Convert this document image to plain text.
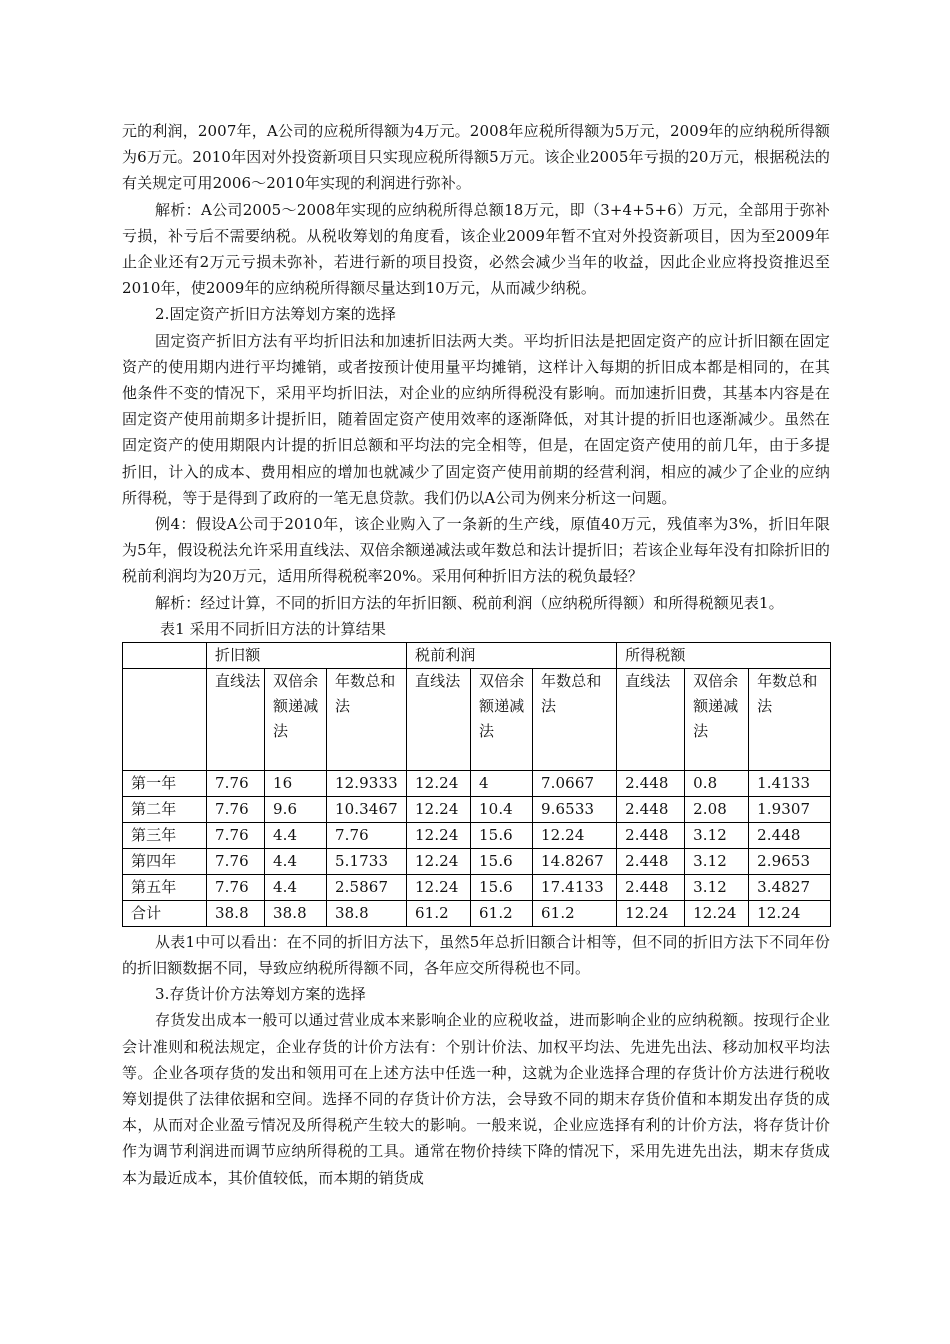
元的利润，2007年，A公司的应税所得额为4万元。2008年应税所得额为5万元，2009年的应纳税所得额为6万元。2010年因对外投资新项目只实现应税所得额5万元。该企业2005年亏损的20万元，根据税法的有关规定可用2006～2010年实现的利润进行弥补。

解析：A公司2005～2008年实现的应纳税所得总额18万元，即（3+4+5+6）万元，全部用于弥补亏损，补亏后不需要纳税。从税收筹划的角度看，该企业2009年暂不宜对外投资新项目，因为至2009年止企业还有2万元亏损未弥补，若进行新的项目投资，必然会减少当年的收益，因此企业应将投资推迟至2010年，使2009年的应纳税所得额尽量达到10万元，从而减少纳税。

2.固定资产折旧方法筹划方案的选择

固定资产折旧方法有平均折旧法和加速折旧法两大类。平均折旧法是把固定资产的应计折旧额在固定资产的使用期内进行平均摊销，或者按预计使用量平均摊销，这样计入每期的折旧成本都是相同的，在其他条件不变的情况下，采用平均折旧法，对企业的应纳所得税没有影响。而加速折旧费，其基本内容是在固定资产使用前期多计提折旧，随着固定资产使用效率的逐渐降低，对其计提的折旧也逐渐减少。虽然在固定资产的使用期限内计提的折旧总额和平均法的完全相等，但是，在固定资产使用的前几年，由于多提折旧，计入的成本、费用相应的增加也就减少了固定资产使用前期的经营利润，相应的减少了企业的应纳所得税，等于是得到了政府的一笔无息贷款。我们仍以A公司为例来分析这一问题。

例4：假设A公司于2010年，该企业购入了一条新的生产线，原值40万元，残值率为3%，折旧年限为5年，假设税法允许采用直线法、双倍余额递减法或年数总和法计提折旧；若该企业每年没有扣除折旧的税前利润均为20万元，适用所得税税率20%。采用何种折旧方法的税负最轻？

解析：经过计算，不同的折旧方法的年折旧额、税前利润（应纳税所得额）和所得税额见表1。

表1 采用不同折旧方法的计算结果

	折旧额			税前利润			所得税额		
	直线法	双倍余额递减法	年数总和法	直线法	双倍余额递减法	年数总和法	直线法	双倍余额递减法	年数总和法
第一年	7.76	16	12.9333	12.24	4	7.0667	2.448	0.8	1.4133
第二年	7.76	9.6	10.3467	12.24	10.4	9.6533	2.448	2.08	1.9307
第三年	7.76	4.4	7.76	12.24	15.6	12.24	2.448	3.12	2.448
第四年	7.76	4.4	5.1733	12.24	15.6	14.8267	2.448	3.12	2.9653
第五年	7.76	4.4	2.5867	12.24	15.6	17.4133	2.448	3.12	3.4827
合计	38.8	38.8	38.8	61.2	61.2	61.2	12.24	12.24	12.24

从表1中可以看出：在不同的折旧方法下，虽然5年总折旧额合计相等，但不同的折旧方法下不同年份的折旧额数据不同，导致应纳税所得额不同，各年应交所得税也不同。

3.存货计价方法筹划方案的选择

存货发出成本一般可以通过营业成本来影响企业的应税收益，进而影响企业的应纳税额。按现行企业会计准则和税法规定，企业存货的计价方法有：个别计价法、加权平均法、先进先出法、移动加权平均法等。企业各项存货的发出和领用可在上述方法中任选一种，这就为企业选择合理的存货计价方法进行税收筹划提供了法律依据和空间。选择不同的存货计价方法，会导致不同的期末存货价值和本期发出存货的成本，从而对企业盈亏情况及所得税产生较大的影响。一般来说，企业应选择有利的计价方法，将存货计价作为调节利润进而调节应纳所得税的工具。通常在物价持续下降的情况下，采用先进先出法，期末存货成本为最近成本，其价值较低，而本期的销货成
